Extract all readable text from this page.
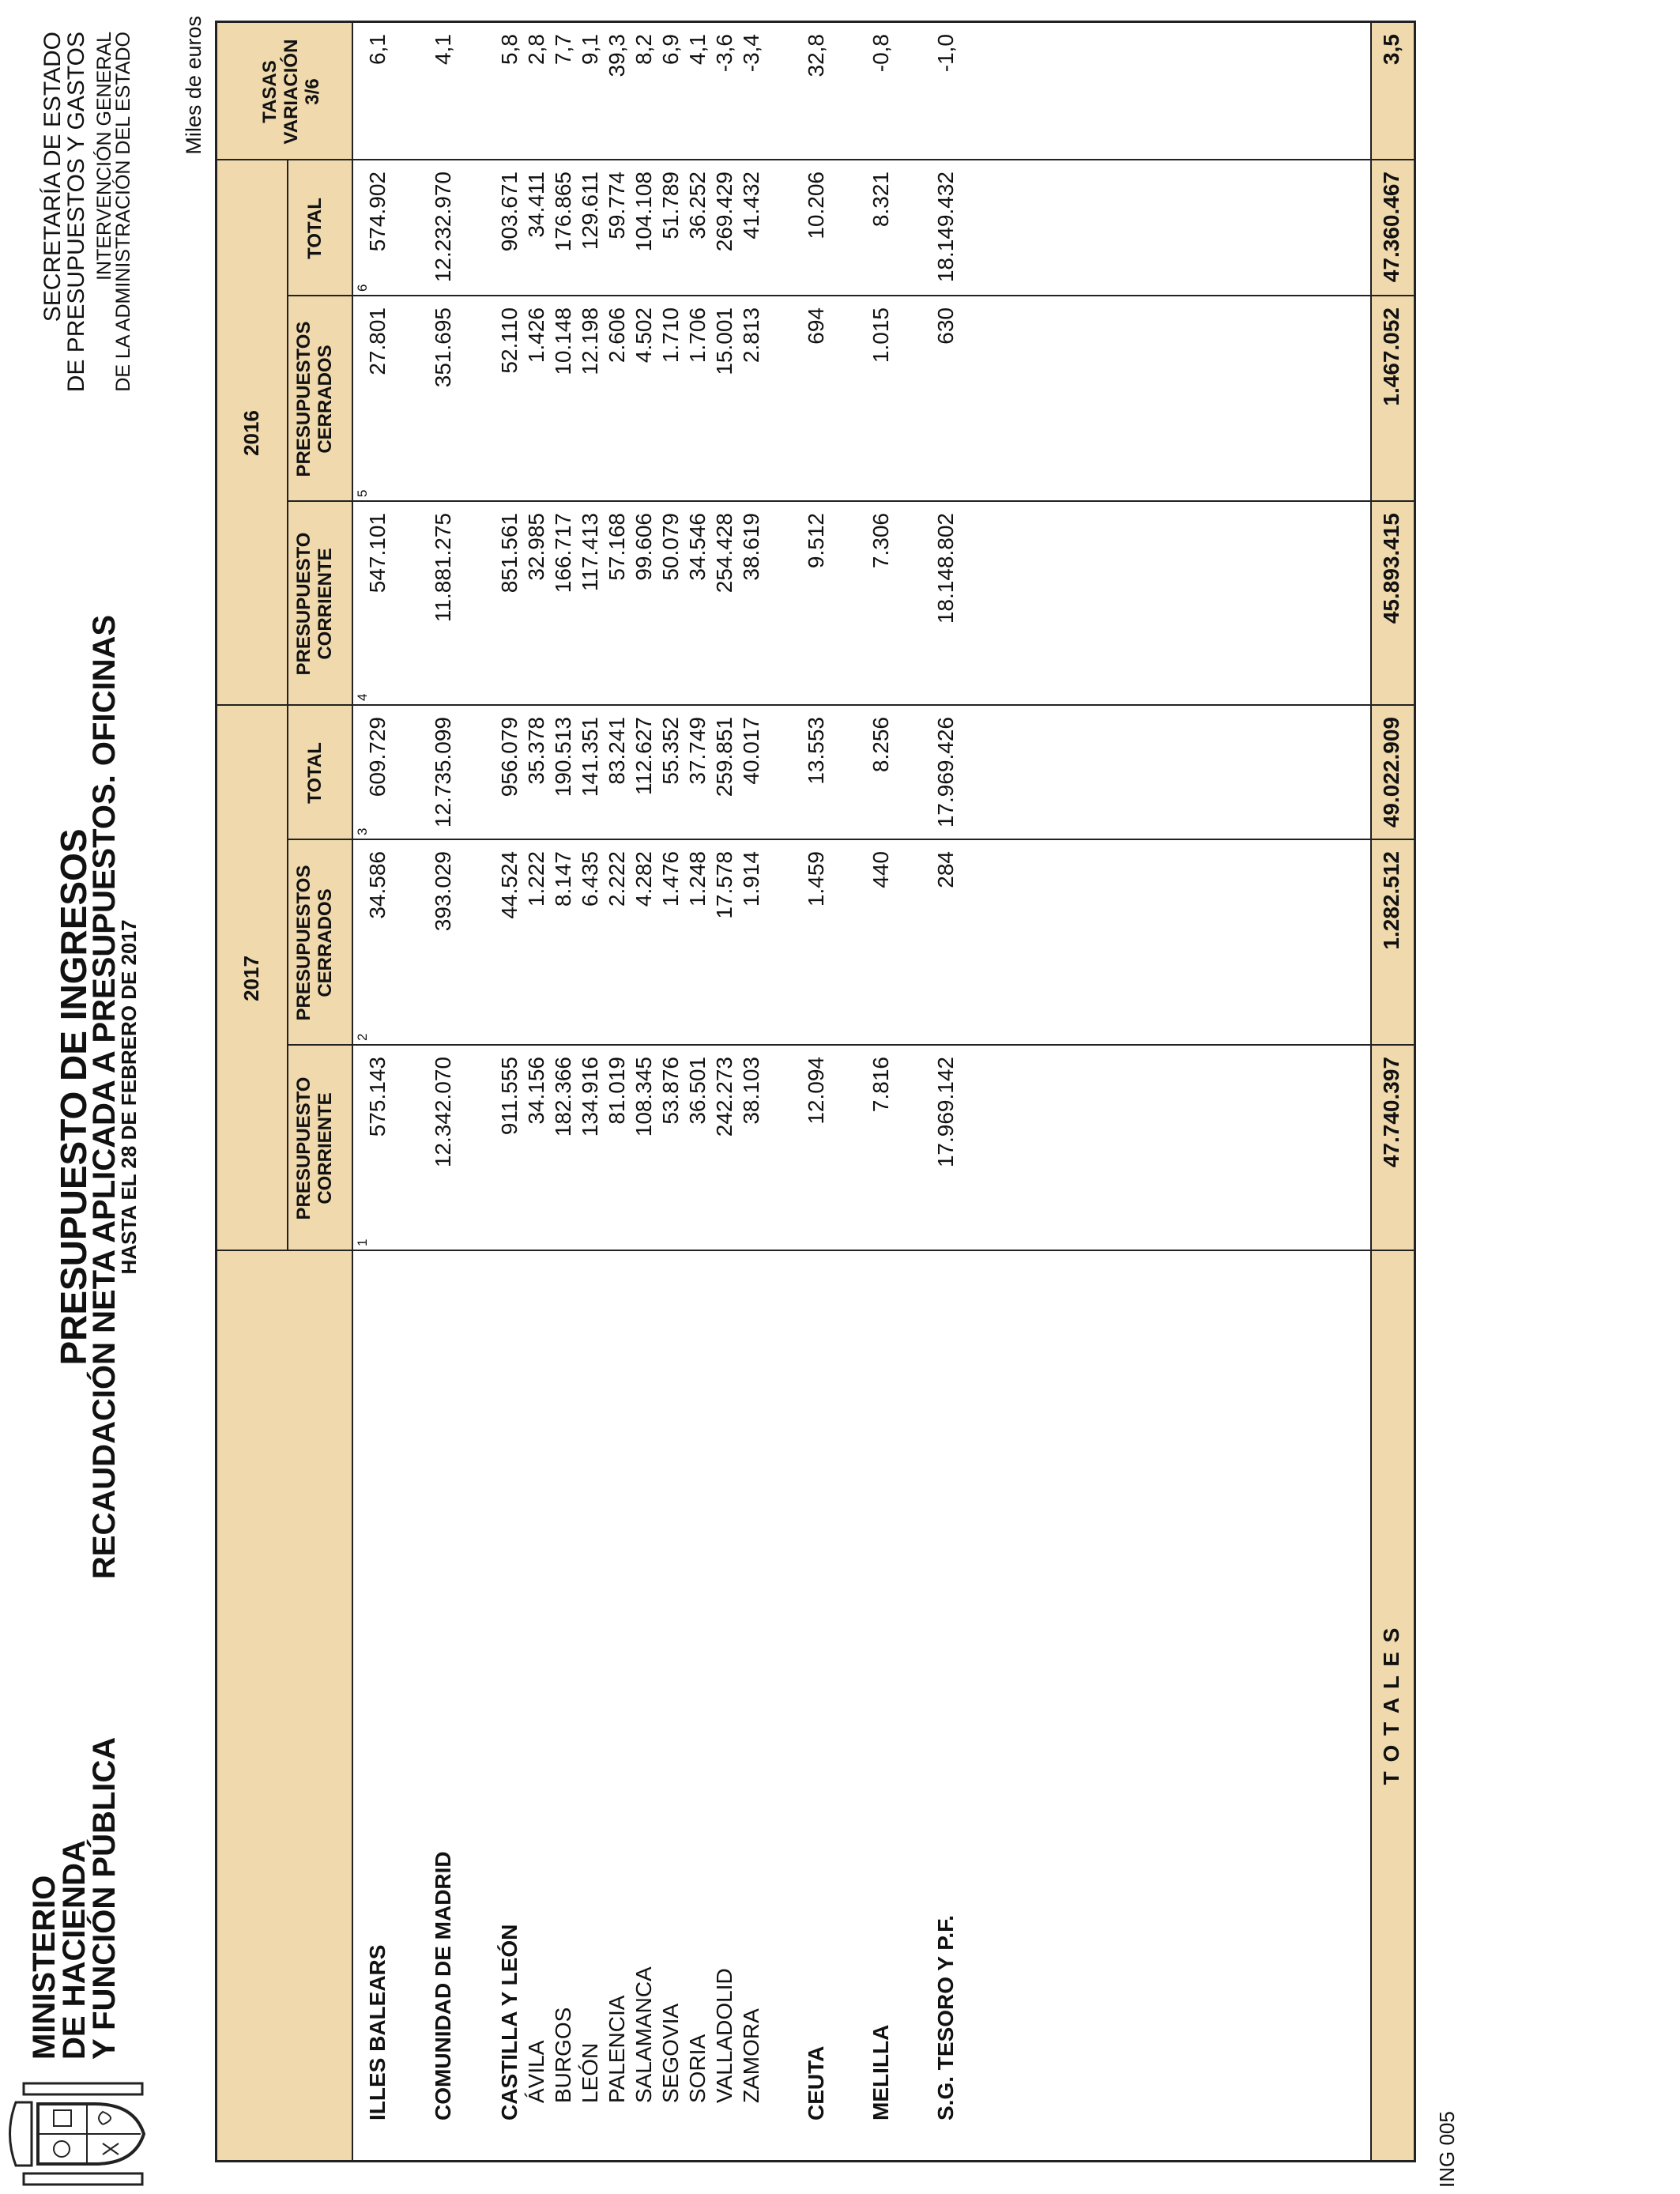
MINISTERIO
DE HACIENDA
Y FUNCIÓN PÚBLICA
PRESUPUESTO DE INGRESOS
RECAUDACIÓN NETA APLICADA A PRESUPUESTOS. OFICINAS
HASTA EL 28 DE FEBRERO DE 2017
SECRETARÍA DE ESTADO
DE PRESUPUESTOS Y GASTOS INTERVENCIÓN GENERAL
DE LA ADMINISTRACIÓN DEL ESTADO Miles de euros
2017
2016
PRESUPUESTO CORRIENTE
1
PRESUPUESTOS CERRADOS
2
TOTAL
3
PRESUPUESTO CORRIENTE
4
PRESUPUESTOS CERRADOS
5
TOTAL
6
TASAS VARIACIÓN 3/6
ILLES BALEARS
575.143
34.586
609.729
547.101
27.801
574.902
6,1
COMUNIDAD DE MADRID
12.342.070
393.029
12.735.099
11.881.275
351.695
12.232.970
4,1
CASTILLA Y LEÓN
911.555
44.524
956.079
851.561
52.110
903.671
5,8
ÁVILA
34.156
1.222
35.378
32.985
1.426
34.411
2,8
BURGOS
182.366
8.147
190.513
166.717
10.148
176.865
7,7
LEÓN
134.916
6.435
141.351
117.413
12.198
129.611
9,1
PALENCIA
81.019
2.222
83.241
57.168
2.606
59.774
39,3
SALAMANCA
108.345
4.282
112.627
99.606
4.502
104.108
8,2
SEGOVIA
53.876
1.476
55.352
50.079
1.710
51.789
6,9
SORIA
36.501
1.248
37.749
34.546
1.706
36.252
4,1
VALLADOLID
242.273
17.578
259.851
254.428
15.001
269.429
-3,6
ZAMORA
38.103
1.914
40.017
38.619
2.813
41.432
-3,4
CEUTA
12.094
1.459
13.553
9.512
694
10.206
32,8
MELILLA
7.816
440
8.256
7.306
1.015
8.321
-0,8
S.G. TESORO Y P.F.
17.969.142
284
17.969.426
18.148.802
630
18.149.432
-1,0
T O T A L E S
47.740.397
1.282.512
49.022.909
45.893.415
1.467.052
47.360.467
3,5
ING 005
